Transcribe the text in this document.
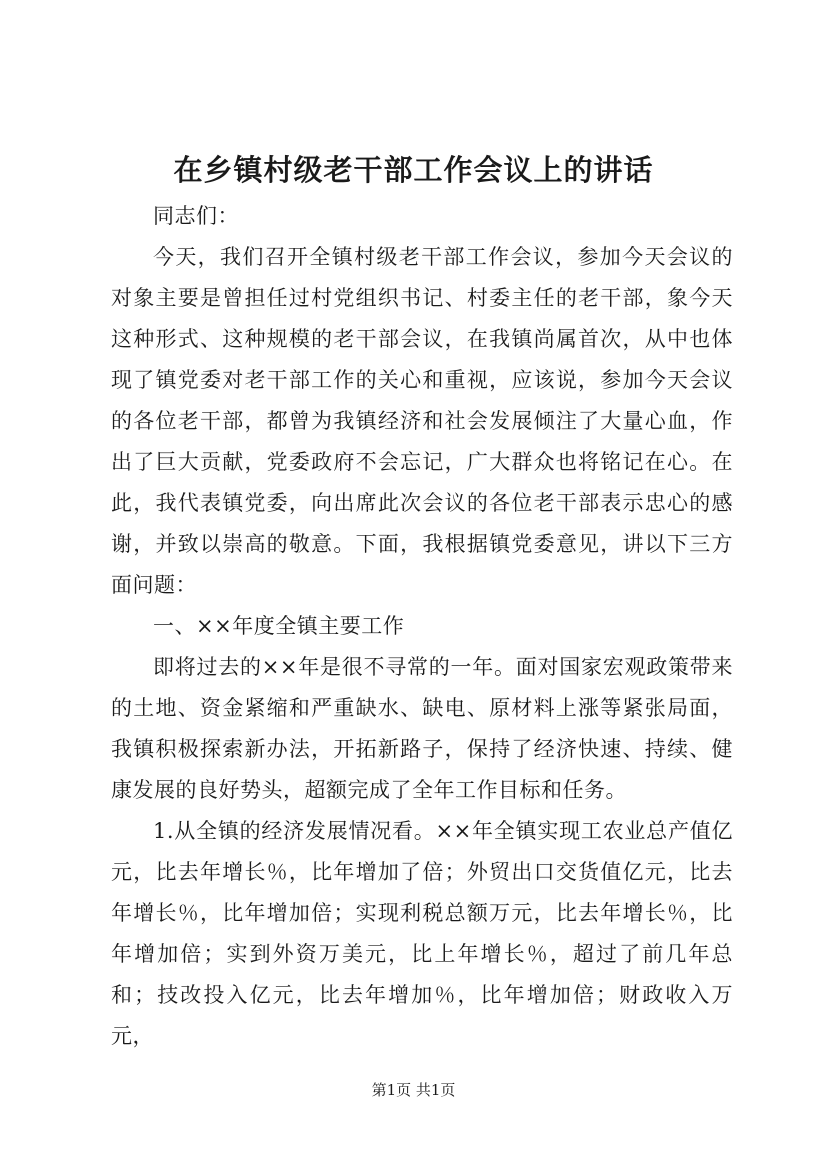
在乡镇村级老干部工作会议上的讲话

同志们：

今天，我们召开全镇村级老干部工作会议，参加今天会议的对象主要是曾担任过村党组织书记、村委主任的老干部，象今天这种形式、这种规模的老干部会议，在我镇尚属首次，从中也体现了镇党委对老干部工作的关心和重视，应该说，参加今天会议的各位老干部，都曾为我镇经济和社会发展倾注了大量心血，作出了巨大贡献，党委政府不会忘记，广大群众也将铭记在心。在此，我代表镇党委，向出席此次会议的各位老干部表示忠心的感谢，并致以崇高的敬意。下面，我根据镇党委意见，讲以下三方面问题：

一、××年度全镇主要工作

即将过去的××年是很不寻常的一年。面对国家宏观政策带来的土地、资金紧缩和严重缺水、缺电、原材料上涨等紧张局面，我镇积极探索新办法，开拓新路子，保持了经济快速、持续、健康发展的良好势头，超额完成了全年工作目标和任务。

1.从全镇的经济发展情况看。××年全镇实现工农业总产值亿元，比去年增长％，比年增加了倍；外贸出口交货值亿元，比去年增长％，比年增加倍；实现利税总额万元，比去年增长％，比年增加倍；实到外资万美元，比上年增长％，超过了前几年总和；技改投入亿元，比去年增加％，比年增加倍；财政收入万元，

第1页 共1页
